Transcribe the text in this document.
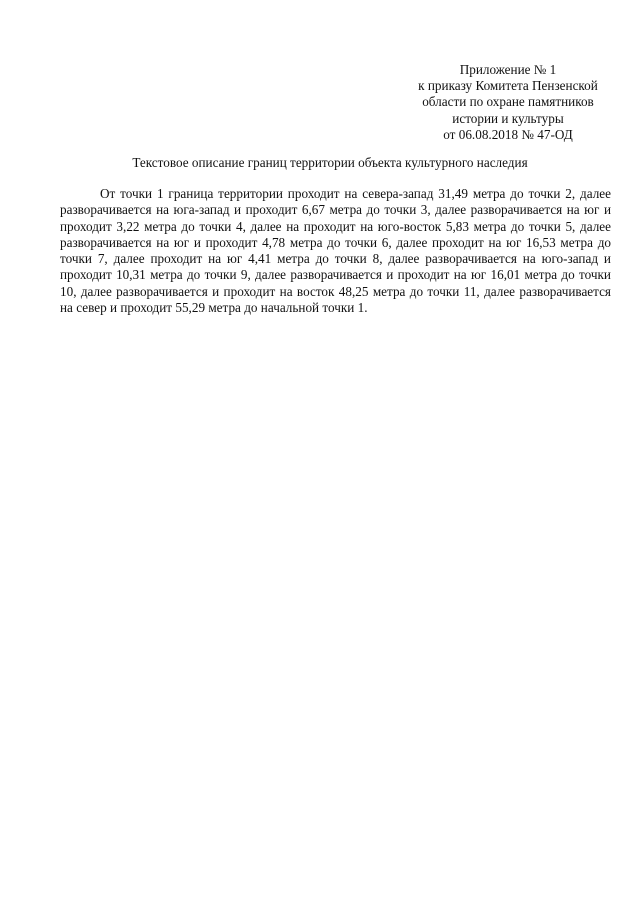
Приложение № 1
к приказу Комитета Пензенской
области по охране памятников
истории и культуры
от 06.08.2018 № 47-ОД
Текстовое описание границ территории объекта культурного наследия

От точки 1 граница территории проходит на севера-запад 31,49 метра до точки 2, далее разворачивается на юга-запад и проходит 6,67 метра до точки 3, далее разворачивается на юг и проходит 3,22 метра до точки 4, далее на проходит на юго-восток 5,83 метра до точки 5, далее разворачивается на юг и проходит 4,78 метра до точки 6, далее проходит на юг 16,53 метра до точки 7, далее проходит на юг 4,41 метра до точки 8, далее разворачивается на юго-запад и проходит 10,31 метра до точки 9, далее разворачивается и проходит на юг 16,01 метра до точки 10, далее разворачивается и проходит на восток 48,25 метра до точки 11, далее разворачивается на север и проходит 55,29 метра до начальной точки 1.
